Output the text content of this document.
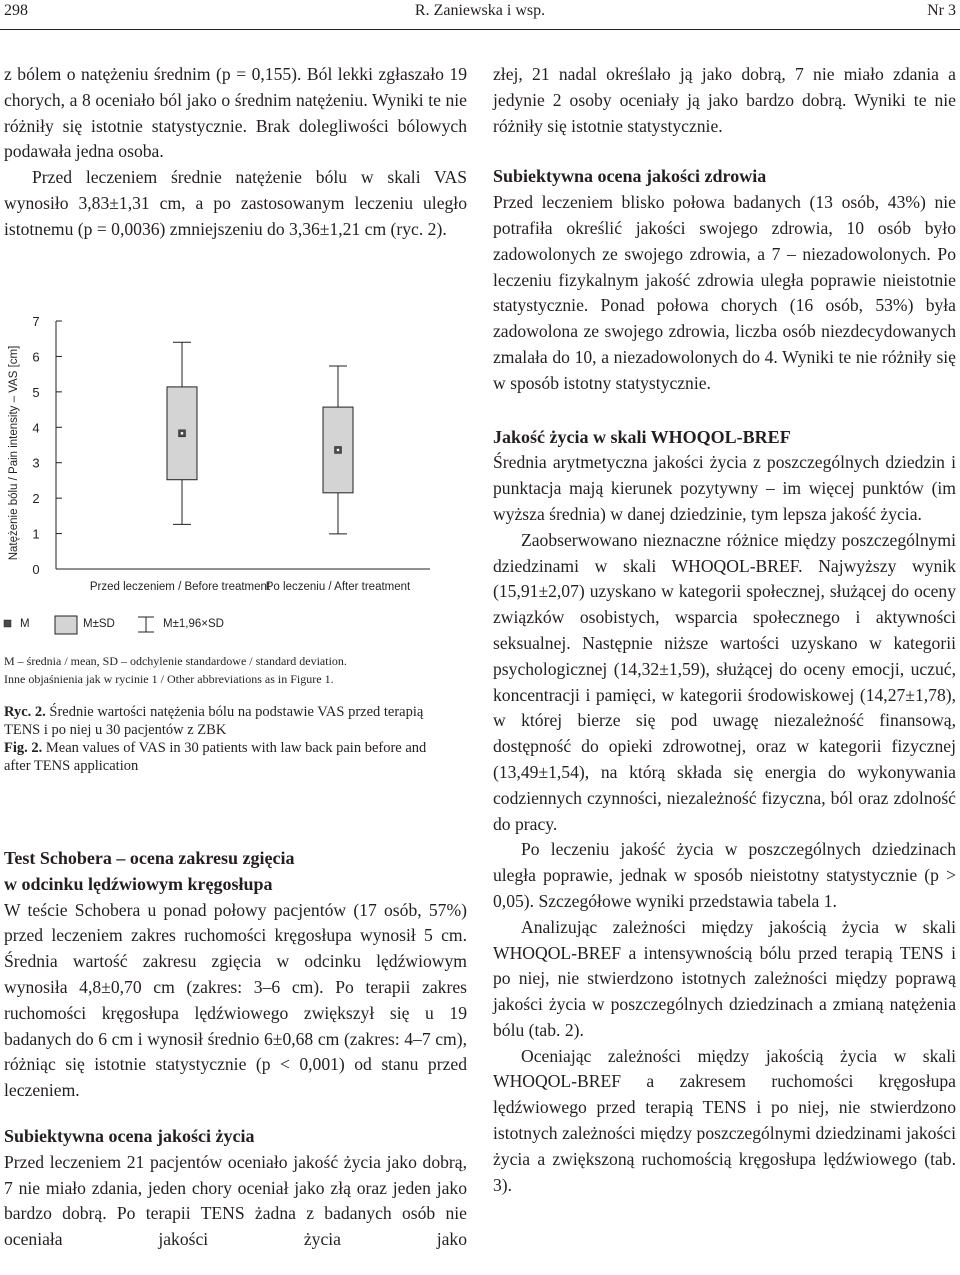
298	R. Zaniewska i wsp.	Nr 3

z bólem o natężeniu średnim (p = 0,155). Ból lekki zgłaszało 19 chorych, a 8 oceniało ból jako o średnim natężeniu. Wyniki te nie różniły się istotnie statystycznie. Brak dolegliwości bólowych podawała jedna osoba.

Przed leczeniem średnie natężenie bólu w skali VAS wynosiło 3,83±1,31 cm, a po zastosowanym leczeniu uległo istotnemu (p = 0,0036) zmniejszeniu do 3,36±1,21 cm (ryc. 2).

0
1
2
3
4
5
6
7
Natężenie bólu / Pain intensity – VAS [cm]
Przed leczeniem / Before treatment
Po leczeniu / After treatment
M	M±SD	M±1,96×SD
M – średnia / mean, SD – odchylenie standardowe / standard deviation.
Inne objaśnienia jak w rycinie 1 / Other abbreviations as in Figure 1.
Ryc. 2. Średnie wartości natężenia bólu na podstawie VAS przed terapią TENS i po niej u 30 pacjentów z ZBK
Fig. 2. Mean values of VAS in 30 patients with law back pain before and after TENS application
Test Schobera – ocena zakresu zgięcia
w odcinku lędźwiowym kręgosłupa

W teście Schobera u ponad połowy pacjentów (17 osób, 57%) przed leczeniem zakres ruchomości kręgosłupa wynosił 5 cm. Średnia wartość zakresu zgięcia w odcinku lędźwiowym wynosiła 4,8±0,70 cm (zakres: 3–6 cm). Po terapii zakres ruchomości kręgosłupa lędźwiowego zwiększył się u 19 badanych do 6 cm i wynosił średnio 6±0,68 cm (zakres: 4–7 cm), różniąc się istotnie statystycznie (p < 0,001) od stanu przed leczeniem.

Subiektywna ocena jakości życia

Przed leczeniem 21 pacjentów oceniało jakość życia jako dobrą, 7 nie miało zdania, jeden chory oceniał jako złą oraz jeden jako bardzo dobrą. Po terapii TENS żadna z badanych osób nie oceniała jakości życia jako

złej, 21 nadal określało ją jako dobrą, 7 nie miało zdania a jedynie 2 osoby oceniały ją jako bardzo dobrą. Wyniki te nie różniły się istotnie statystycznie.

Subiektywna ocena jakości zdrowia

Przed leczeniem blisko połowa badanych (13 osób, 43%) nie potrafiła określić jakości swojego zdrowia, 10 osób było zadowolonych ze swojego zdrowia, a 7 – niezadowolonych. Po leczeniu fizykalnym jakość zdrowia uległa poprawie nieistotnie statystycznie. Ponad połowa chorych (16 osób, 53%) była zadowolona ze swojego zdrowia, liczba osób niezdecydowanych zmalała do 10, a niezadowolonych do 4. Wyniki te nie różniły się w sposób istotny statystycznie.

Jakość życia w skali WHOQOL-BREF

Średnia arytmetyczna jakości życia z poszczególnych dziedzin i punktacja mają kierunek pozytywny – im więcej punktów (im wyższa średnia) w danej dziedzinie, tym lepsza jakość życia.

Zaobserwowano nieznaczne różnice między poszczególnymi dziedzinami w skali WHOQOL-BREF. Najwyższy wynik (15,91±2,07) uzyskano w kategorii społecznej, służącej do oceny związków osobistych, wsparcia społecznego i aktywności seksualnej. Następnie niższe wartości uzyskano w kategorii psychologicznej (14,32±1,59), służącej do oceny emocji, uczuć, koncentracji i pamięci, w kategorii środowiskowej (14,27±1,78), w której bierze się pod uwagę niezależność finansową, dostępność do opieki zdrowotnej, oraz w kategorii fizycznej (13,49±1,54), na którą składa się energia do wykonywania codziennych czynności, niezależność fizyczna, ból oraz zdolność do pracy.

Po leczeniu jakość życia w poszczególnych dziedzinach uległa poprawie, jednak w sposób nieistotny statystycznie (p > 0,05). Szczegółowe wyniki przedstawia tabela 1.

Analizując zależności między jakością życia w skali WHOQOL-BREF a intensywnością bólu przed terapią TENS i po niej, nie stwierdzono istotnych zależności między poprawą jakości życia w poszczególnych dziedzinach a zmianą natężenia bólu (tab. 2).

Oceniając zależności między jakością życia w skali WHOQOL-BREF a zakresem ruchomości kręgosłupa lędźwiowego przed terapią TENS i po niej, nie stwierdzono istotnych zależności między poszczególnymi dziedzinami jakości życia a zwiększoną ruchomością kręgosłupa lędźwiowego (tab. 3).
